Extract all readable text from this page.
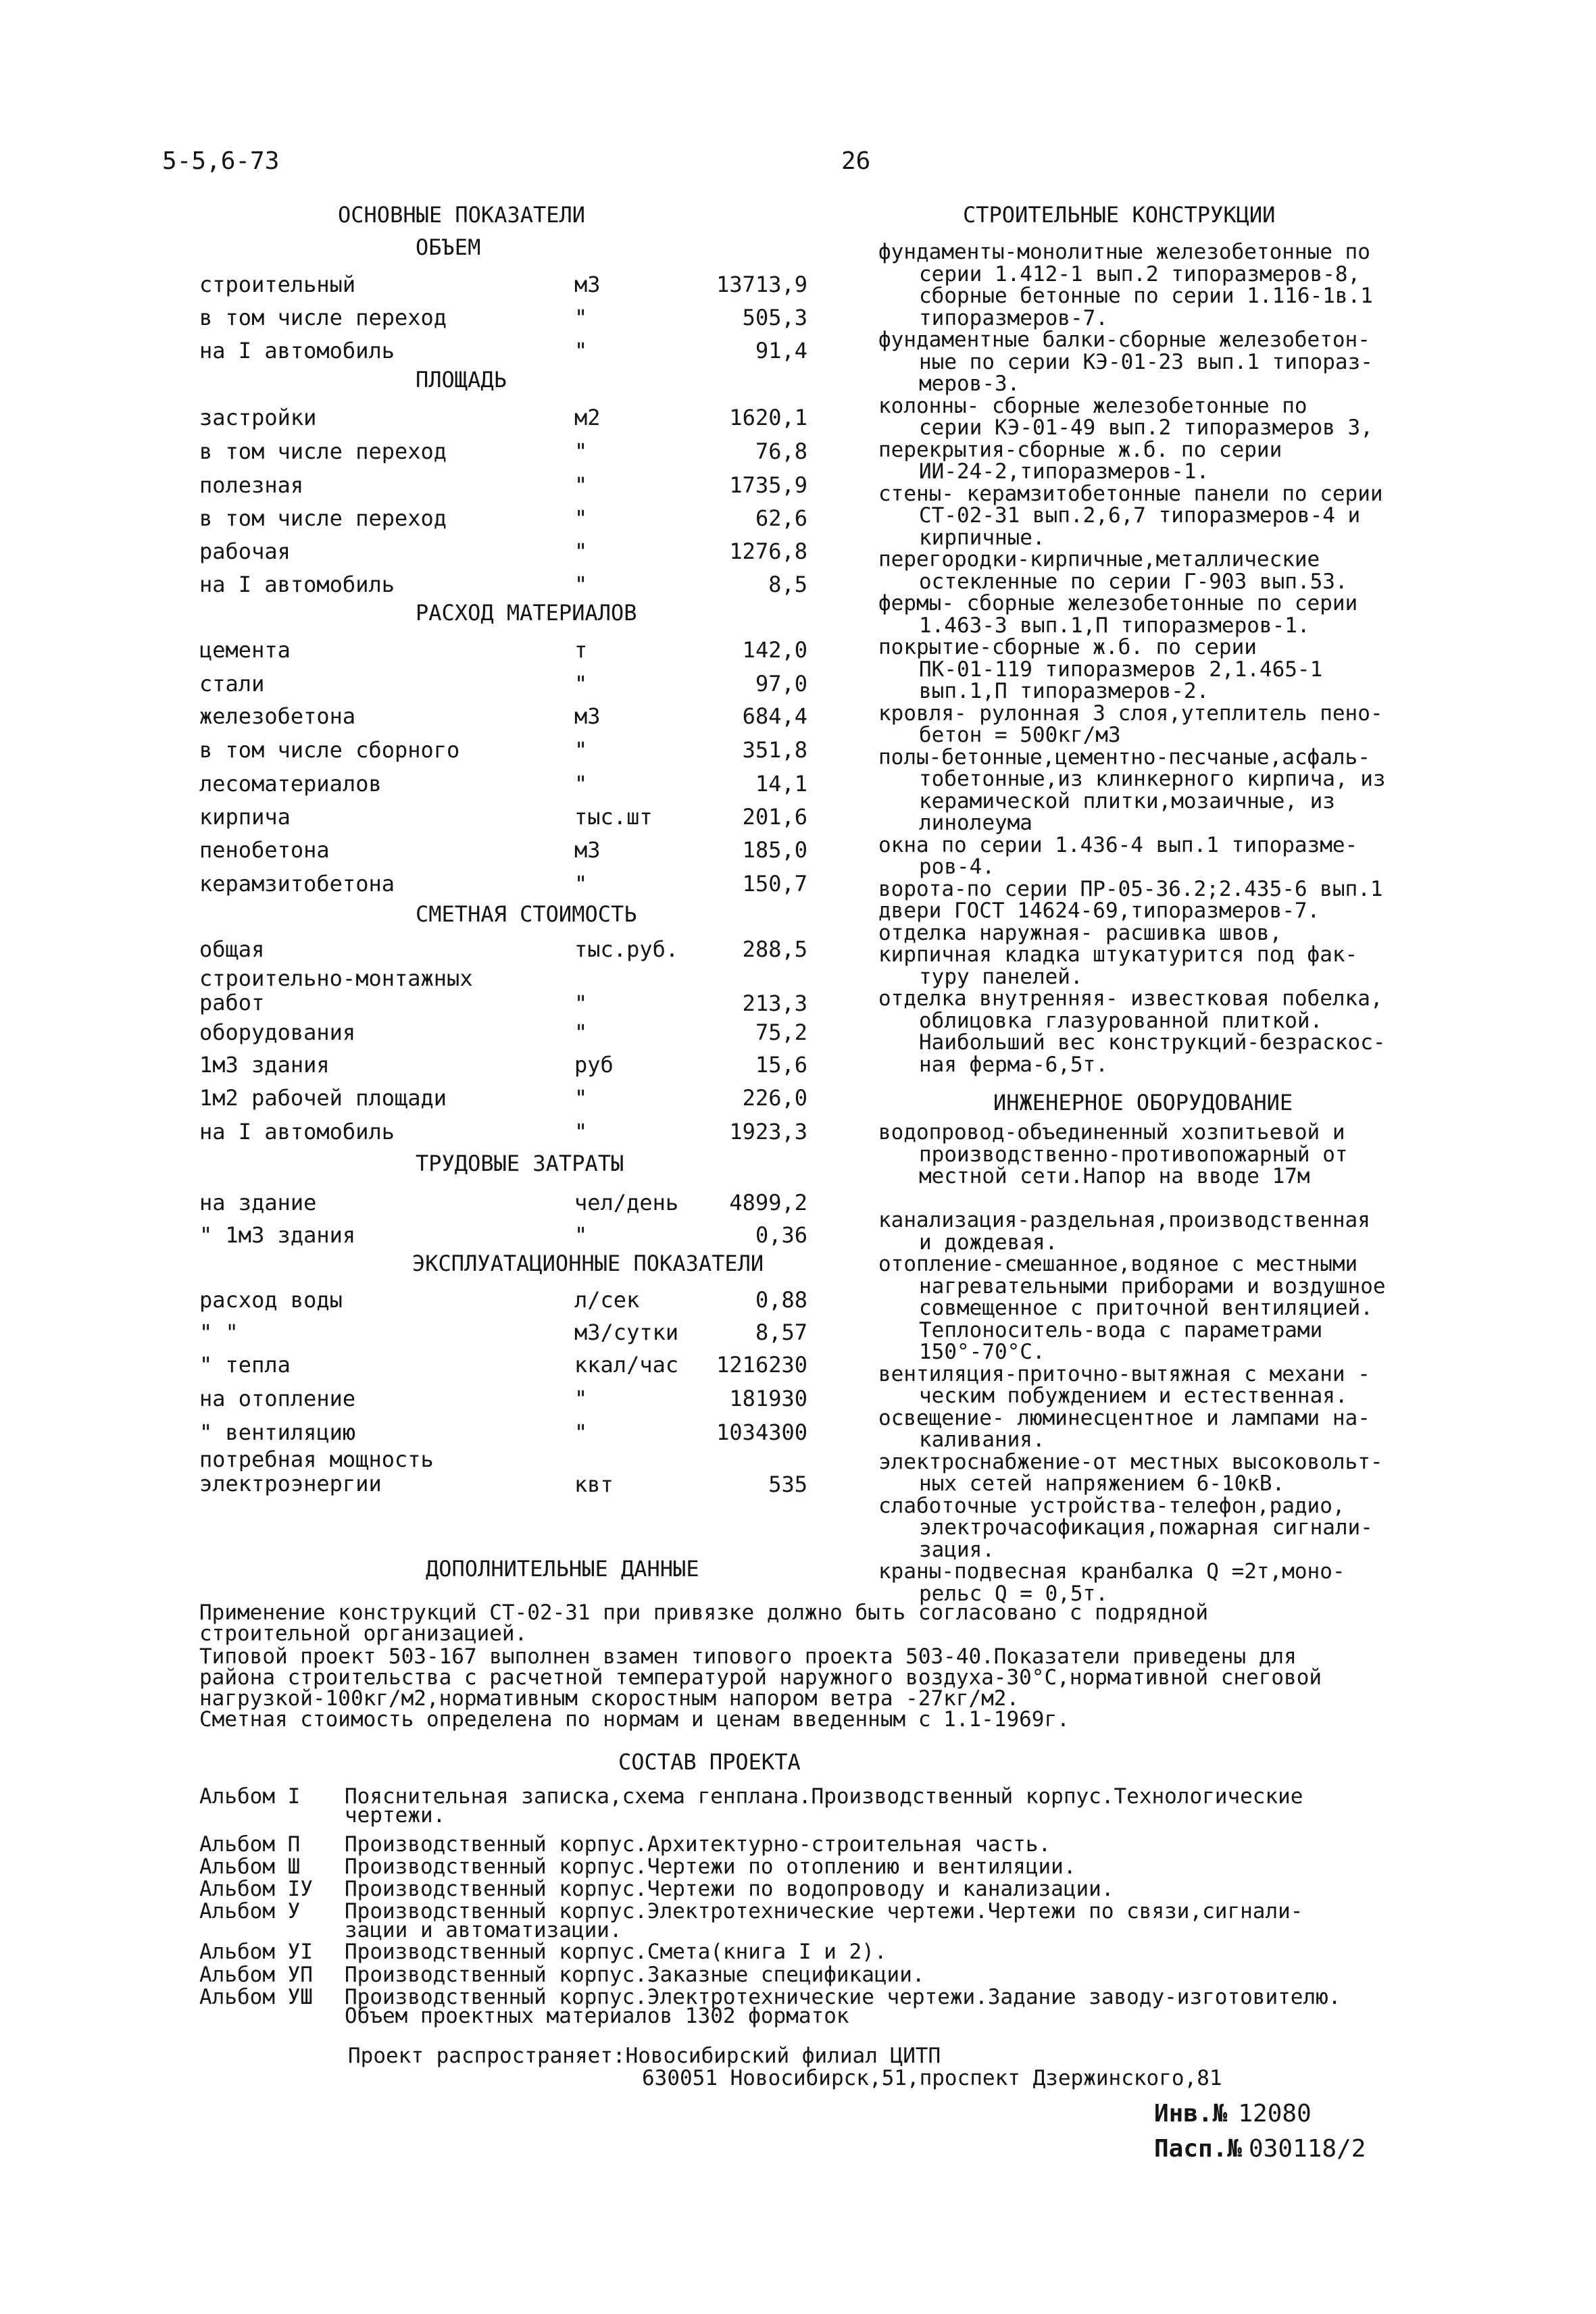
5-5,6-73	26
ОСНОВНЫЕ ПОКАЗАТЕЛИ
ОБЪЕМ
строительный	м3	13713,9
в том числе переход	"	505,3
на I автомобиль	"	91,4
ПЛОЩАДЬ
застройки	м2	1620,1
в том числе переход	"	76,8
полезная	"	1735,9
в том числе переход	"	62,6
рабочая	"	1276,8
на I автомобиль	"	8,5
РАСХОД МАТЕРИАЛОВ
цемента	т	142,0
стали	"	97,0
железобетона	м3	684,4
в том числе сборного	"	351,8
лесоматериалов	"	14,1
кирпича	тыс.шт	201,6
пенобетона	м3	185,0
керамзитобетона	"	150,7
СМЕТНАЯ СТОИМОСТЬ
общая	тыс.руб.	288,5
строительно-монтажных
работ	"	213,3
оборудования	"	75,2
1м3 здания	руб	15,6
1м2 рабочей площади	"	226,0
на I автомобиль	"	1923,3
ТРУДОВЫЕ ЗАТРАТЫ
на здание	чел/день 4899,2
" 1м3 здания	"	0,36
ЭКСПЛУАТАЦИОННЫЕ ПОКАЗАТЕЛИ
расход воды	л/сек	0,88
" "	м3/сутки	8,57
" тепла	ккал/час 1216230
на отопление	"	181930
" вентиляцию	"	1034300
потребная мощность
электроэнергии	квт	535
СТРОИТЕЛЬНЫЕ КОНСТРУКЦИИ
фундаменты-монолитные железобетонные по
серии 1.412-1 вып.2 типоразмеров-8,
сборные бетонные по серии 1.116-1в.1
типоразмеров-7.
фундаментные балки-сборные железобетон-
ные по серии КЭ-01-23 вып.1 типораз-
меров-3.
колонны- сборные железобетонные по
серии КЭ-01-49 вып.2 типоразмеров 3,
перекрытия-сборные ж.б. по серии
ИИ-24-2,типоразмеров-1.
стены- керамзитобетонные панели по серии
СТ-02-31 вып.2,6,7 типоразмеров-4 и
кирпичные.
перегородки-кирпичные,металлические
остекленные по серии Г-903 вып.53.
фермы- сборные железобетонные по серии
1.463-3 вып.1,П типоразмеров-1.
покрытие-сборные ж.б. по серии
ПК-01-119 типоразмеров 2,1.465-1
вып.1,П типоразмеров-2.
кровля- рулонная 3 слоя,утеплитель пено-
бетон = 500кг/м3
полы-бетонные,цементно-песчаные,асфаль-
тобетонные,из клинкерного кирпича, из
керамической плитки,мозаичные, из
линолеума
окна по серии 1.436-4 вып.1 типоразме-
ров-4.
ворота-по серии ПР-05-36.2;2.435-6 вып.1
двери ГОСТ 14624-69,типоразмеров-7.
отделка наружная- расшивка швов,
кирпичная кладка штукатурится под фак-
туру панелей.
отделка внутренняя- известковая побелка,
облицовка глазурованной плиткой.
Наибольший вес конструкций-безраскос-
ная ферма-6,5т.
ИНЖЕНЕРНОЕ ОБОРУДОВАНИЕ
водопровод-объединенный хозпитьевой и
производственно-противопожарный от
местной сети.Напор на вводе 17м

канализация-раздельная,производственная
и дождевая.
отопление-смешанное,водяное с местными
нагревательными приборами и воздушное
совмещенное с приточной вентиляцией.
Теплоноситель-вода с параметрами
150°-70°С.
вентиляция-приточно-вытяжная с механи -
ческим побуждением и естественная.
освещение- люминесцентное и лампами на-
каливания.
электроснабжение-от местных высоковольт-
ных сетей напряжением 6-10кВ.
слаботочные устройства-телефон,радио,
электрочасофикация,пожарная сигнали-
зация.
краны-подвесная кранбалка Q =2т,моно-
рельс Q = 0,5т.
ДОПОЛНИТЕЛЬНЫЕ ДАННЫЕ
Применение конструкций СТ-02-31 при привязке должно быть согласовано с подрядной
строительной организацией.
Типовой проект 503-167 выполнен взамен типового проекта 503-40.Показатели приведены для
района строительства с расчетной температурой наружного воздуха-30°С,нормативной снеговой
нагрузкой-100кг/м2,нормативным скоростным напором ветра -27кг/м2.
Сметная стоимость определена по нормам и ценам введенным с 1.1-1969г.
СОСТАВ ПРОЕКТА
Альбом I Пояснительная записка,схема генплана.Производственный корпус.Технологические
чертежи.
Альбом П Производственный корпус.Архитектурно-строительная часть.
Альбом Ш Производственный корпус.Чертежи по отоплению и вентиляции.
Альбом IУ Производственный корпус.Чертежи по водопроводу и канализации.
Альбом У Производственный корпус.Электротехнические чертежи.Чертежи по связи,сигнали-
зации и автоматизации.
Альбом УI Производственный корпус.Смета(книга I и 2).
Альбом УП Производственный корпус.Заказные спецификации.
Альбом УШ Производственный корпус.Электротехнические чертежи.Задание заводу-изготовителю.
Объем проектных материалов 1302 форматок
Проект распространяет:Новосибирский филиал ЦИТП
630051 Новосибирск,51,проспект Дзержинского,81
Инв.№ 12080
Пасп.№ 030118/2
